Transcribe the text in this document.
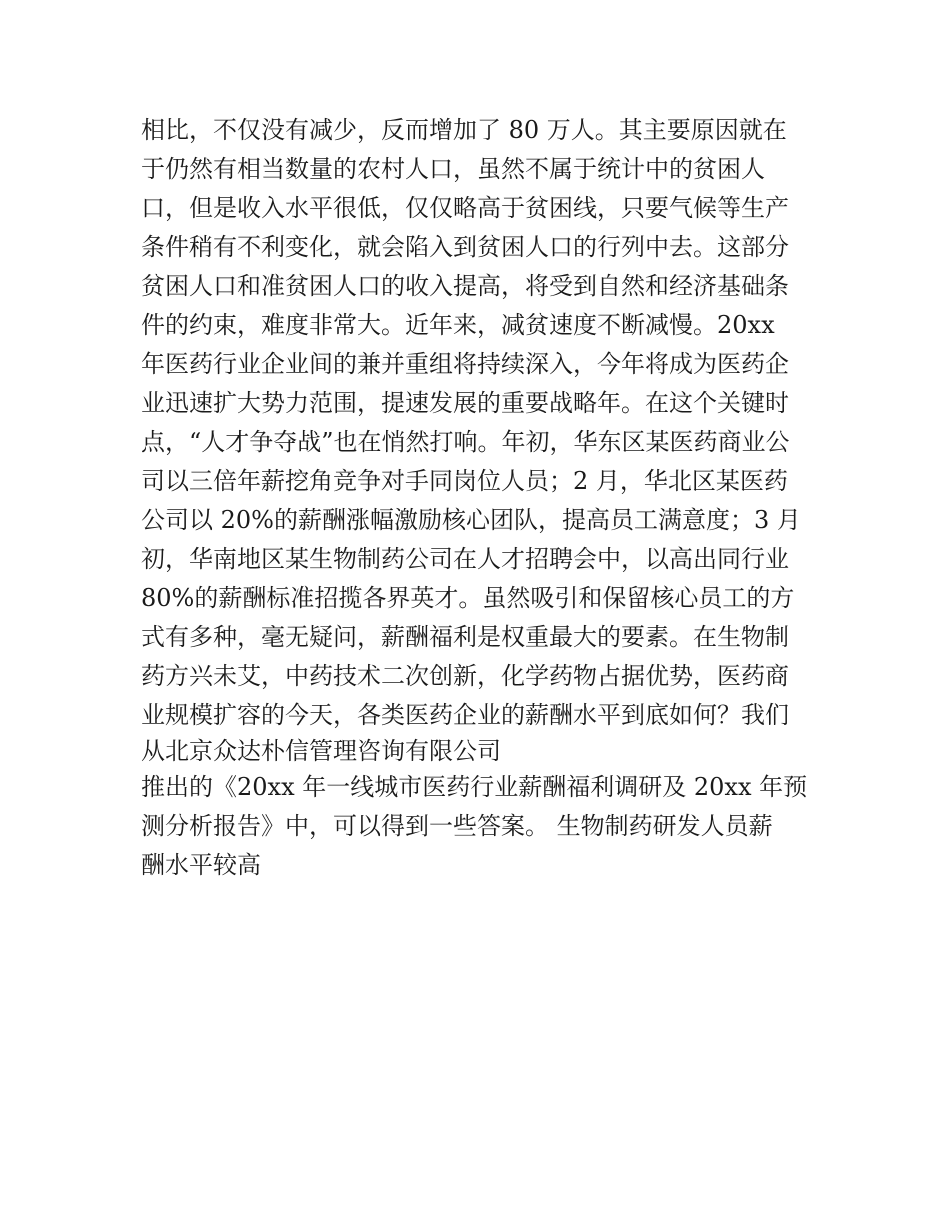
相比，不仅没有减少，反而增加了 80 万人。其主要原因就在
于仍然有相当数量的农村人口，虽然不属于统计中的贫困人
口，但是收入水平很低，仅仅略高于贫困线，只要气候等生产
条件稍有不利变化，就会陷入到贫困人口的行列中去。这部分
贫困人口和准贫困人口的收入提高，将受到自然和经济基础条
件的约束，难度非常大。近年来，减贫速度不断减慢。20xx
年医药行业企业间的兼并重组将持续深入，今年将成为医药企
业迅速扩大势力范围，提速发展的重要战略年。在这个关键时
点，“人才争夺战”也在悄然打响。年初，华东区某医药商业公
司以三倍年薪挖角竞争对手同岗位人员；2 月，华北区某医药
公司以 20%的薪酬涨幅激励核心团队，提高员工满意度；3 月
初，华南地区某生物制药公司在人才招聘会中，以高出同行业
80%的薪酬标准招揽各界英才。虽然吸引和保留核心员工的方
式有多种，毫无疑问，薪酬福利是权重最大的要素。在生物制
药方兴未艾，中药技术二次创新，化学药物占据优势，医药商
业规模扩容的今天，各类医药企业的薪酬水平到底如何？我们
从北京众达朴信管理咨询有限公司
推出的《20xx 年一线城市医药行业薪酬福利调研及 20xx 年预
测分析报告》中，可以得到一些答案。 生物制药研发人员薪
酬水平较高
